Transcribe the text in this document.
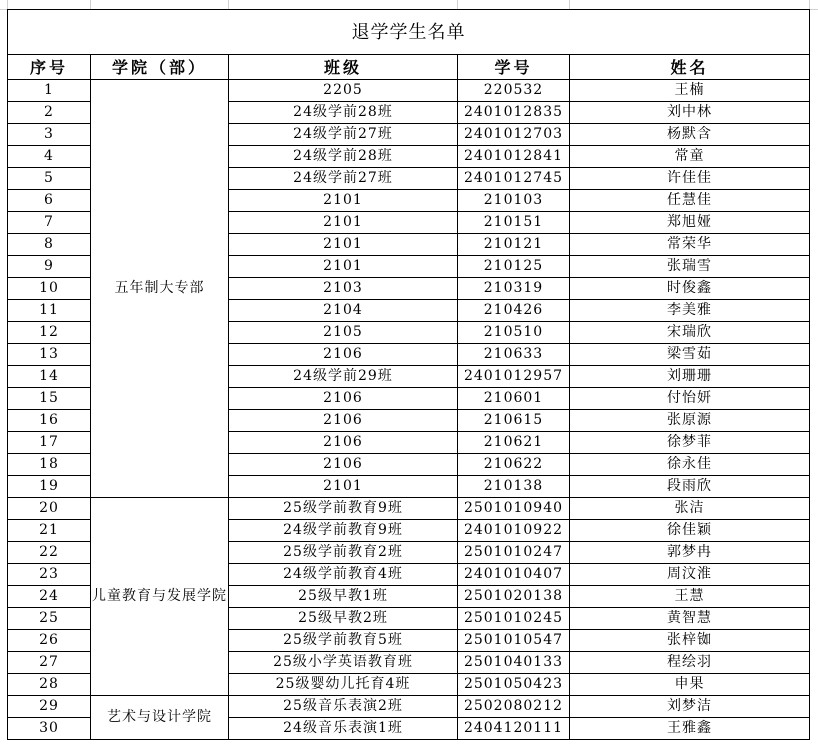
退学学生名单				
序号	学院（部）	班级	学号	姓名
1	五年制大专部	2205	220532	王楠
2		24级学前28班	2401012835	刘中林
3		24级学前27班	2401012703	杨默含
4		24级学前28班	2401012841	常童
5		24级学前27班	2401012745	许佳佳
6		2101	210103	任慧佳
7		2101	210151	郑旭娅
8		2101	210121	常荣华
9		2101	210125	张瑞雪
10		2103	210319	时俊鑫
11		2104	210426	李美雅
12		2105	210510	宋瑞欣
13		2106	210633	梁雪茹
14		24级学前29班	2401012957	刘珊珊
15		2106	210601	付怡妍
16		2106	210615	张原源
17		2106	210621	徐梦菲
18		2106	210622	徐永佳
19		2101	210138	段雨欣
20	儿童教育与发展学院	25级学前教育9班	2501010940	张洁
21		24级学前教育9班	2401010922	徐佳颖
22		25级学前教育2班	2501010247	郭梦冉
23		24级学前教育4班	2401010407	周汶淮
24		25级早教1班	2501020138	王慧
25		25级早教2班	2501010245	黄智慧
26		25级学前教育5班	2501010547	张梓铷
27		25级小学英语教育班	2501040133	程绘羽
28		25级婴幼儿托育4班	2501050423	申果
29	艺术与设计学院	25级音乐表演2班	2502080212	刘梦洁
30		24级音乐表演1班	2404120111	王雅鑫
